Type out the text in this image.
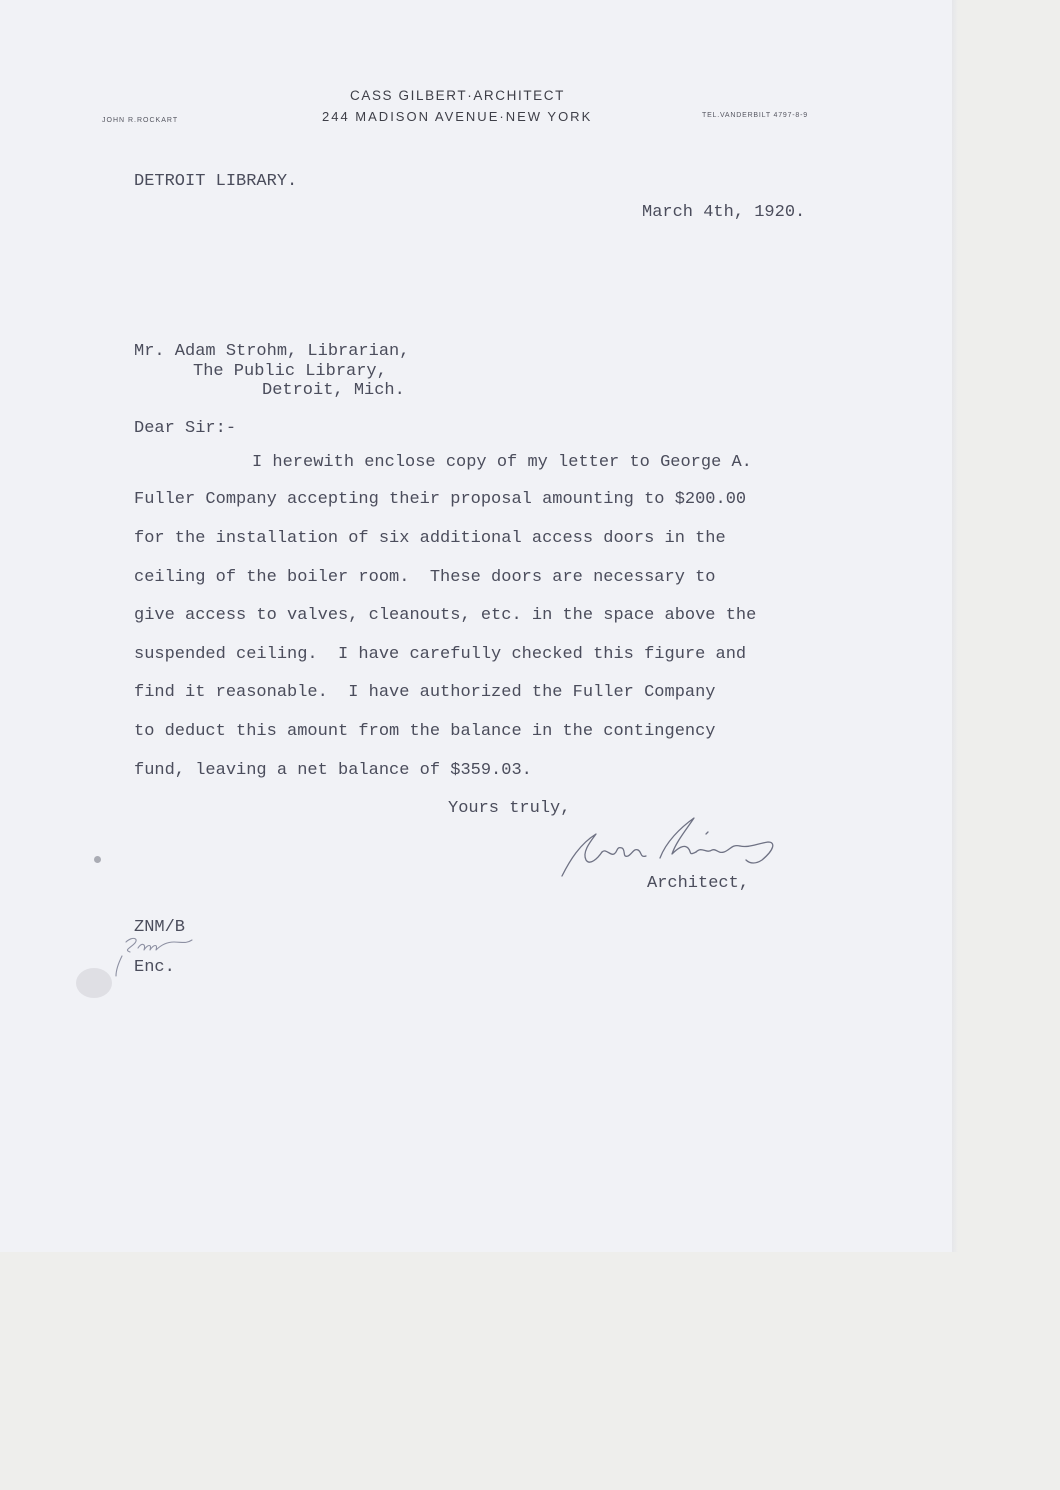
CASS GILBERT·ARCHITECT
244 MADISON AVENUE·NEW YORK
JOHN R.ROCKART
TEL.VANDERBILT 4797-8-9
DETROIT LIBRARY.
March 4th, 1920.
Mr. Adam Strohm, Librarian,
The Public Library,
Detroit, Mich.
Dear Sir:-
I herewith enclose copy of my letter to George A.
Fuller Company accepting their proposal amounting to $200.00
for the installation of six additional access doors in the
ceiling of the boiler room.  These doors are necessary to
give access to valves, cleanouts, etc. in the space above the
suspended ceiling.  I have carefully checked this figure and
find it reasonable.  I have authorized the Fuller Company
to deduct this amount from the balance in the contingency
fund, leaving a net balance of $359.03.
Yours truly,
Architect,
ZNM/B
Enc.
